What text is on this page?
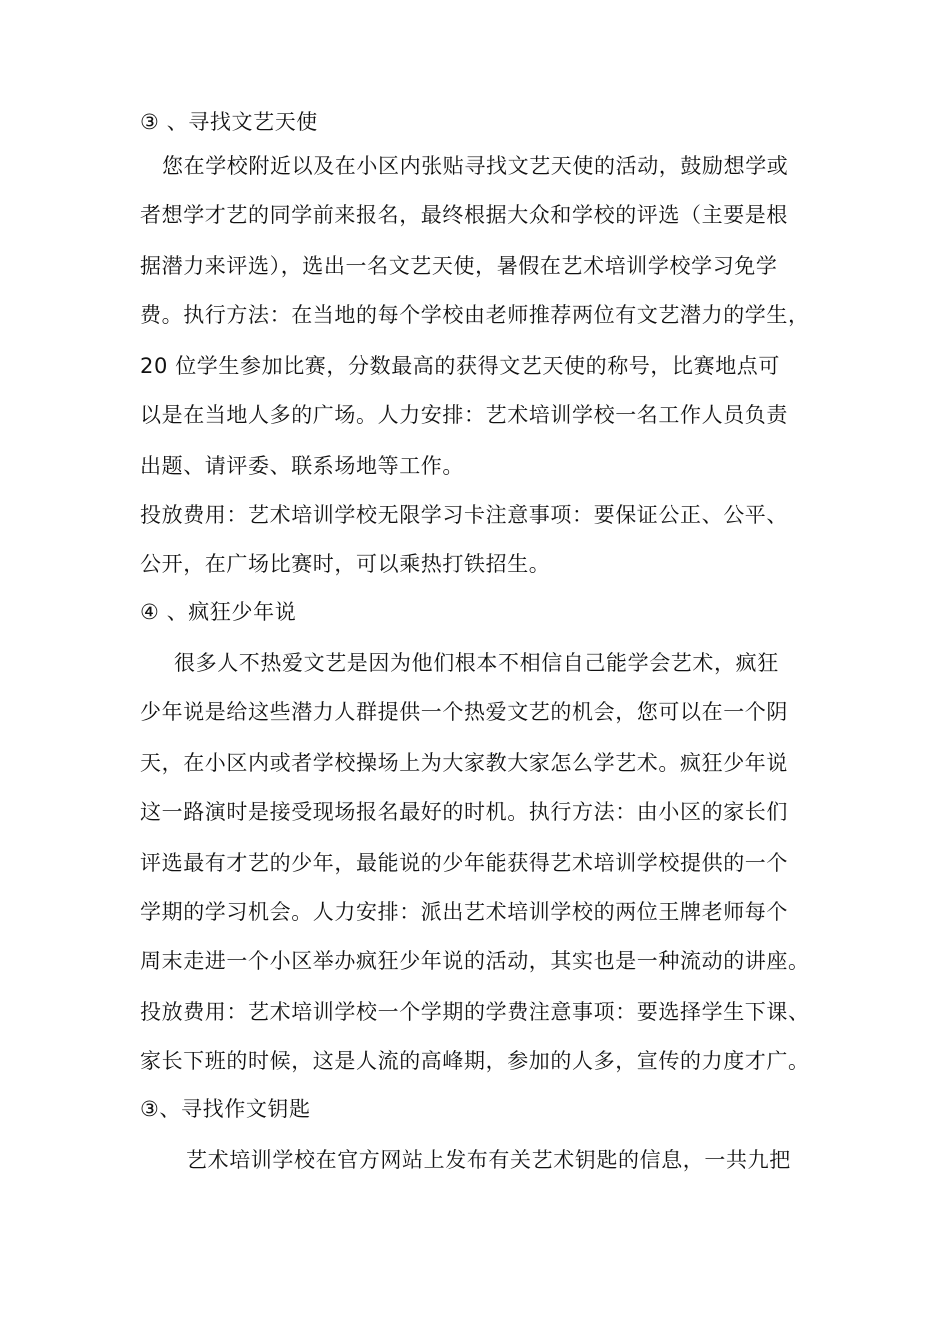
③ 、寻找文艺天使
您在学校附近以及在小区内张贴寻找文艺天使的活动，鼓励想学或
者想学才艺的同学前来报名，最终根据大众和学校的评选（主要是根
据潜力来评选），选出一名文艺天使，暑假在艺术培训学校学习免学
费。执行方法：在当地的每个学校由老师推荐两位有文艺潜力的学生，
20 位学生参加比赛，分数最高的获得文艺天使的称号，比赛地点可
以是在当地人多的广场。人力安排：艺术培训学校一名工作人员负责
出题、请评委、联系场地等工作。
投放费用：艺术培训学校无限学习卡注意事项：要保证公正、公平、
公开，在广场比赛时，可以乘热打铁招生。
④ 、疯狂少年说
很多人不热爱文艺是因为他们根本不相信自己能学会艺术，疯狂
少年说是给这些潜力人群提供一个热爱文艺的机会，您可以在一个阴
天，在小区内或者学校操场上为大家教大家怎么学艺术。疯狂少年说
这一路演时是接受现场报名最好的时机。执行方法：由小区的家长们
评选最有才艺的少年，最能说的少年能获得艺术培训学校提供的一个
学期的学习机会。人力安排：派出艺术培训学校的两位王牌老师每个
周末走进一个小区举办疯狂少年说的活动，其实也是一种流动的讲座。
投放费用：艺术培训学校一个学期的学费注意事项：要选择学生下课、
家长下班的时候，这是人流的高峰期，参加的人多，宣传的力度才广。
③、寻找作文钥匙
艺术培训学校在官方网站上发布有关艺术钥匙的信息，一共九把
